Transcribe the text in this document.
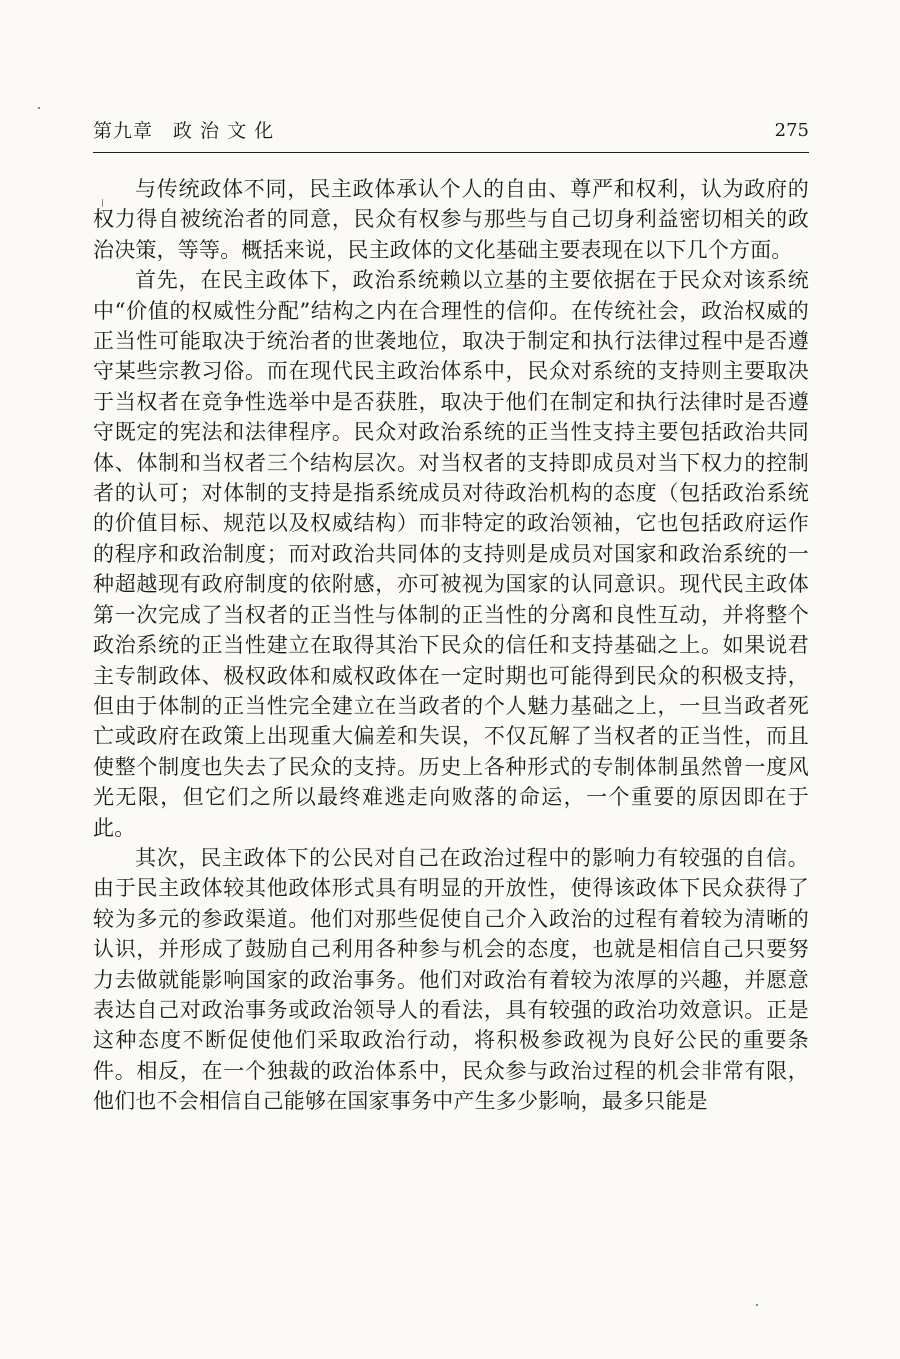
第九章　政 治 文 化	275

与传统政体不同，民主政体承认个人的自由、尊严和权利，认为政府的权力得自被统治者的同意，民众有权参与那些与自己切身利益密切相关的政治决策，等等。概括来说，民主政体的文化基础主要表现在以下几个方面。

首先，在民主政体下，政治系统赖以立基的主要依据在于民众对该系统中“价值的权威性分配”结构之内在合理性的信仰。在传统社会，政治权威的正当性可能取决于统治者的世袭地位，取决于制定和执行法律过程中是否遵守某些宗教习俗。而在现代民主政治体系中，民众对系统的支持则主要取决于当权者在竞争性选举中是否获胜，取决于他们在制定和执行法律时是否遵守既定的宪法和法律程序。民众对政治系统的正当性支持主要包括政治共同体、体制和当权者三个结构层次。对当权者的支持即成员对当下权力的控制者的认可；对体制的支持是指系统成员对待政治机构的态度（包括政治系统的价值目标、规范以及权威结构）而非特定的政治领袖，它也包括政府运作的程序和政治制度；而对政治共同体的支持则是成员对国家和政治系统的一种超越现有政府制度的依附感，亦可被视为国家的认同意识。现代民主政体第一次完成了当权者的正当性与体制的正当性的分离和良性互动，并将整个政治系统的正当性建立在取得其治下民众的信任和支持基础之上。如果说君主专制政体、极权政体和威权政体在一定时期也可能得到民众的积极支持，但由于体制的正当性完全建立在当政者的个人魅力基础之上，一旦当政者死亡或政府在政策上出现重大偏差和失误，不仅瓦解了当权者的正当性，而且使整个制度也失去了民众的支持。历史上各种形式的专制体制虽然曾一度风光无限，但它们之所以最终难逃走向败落的命运，一个重要的原因即在于此。

其次，民主政体下的公民对自己在政治过程中的影响力有较强的自信。由于民主政体较其他政体形式具有明显的开放性，使得该政体下民众获得了较为多元的参政渠道。他们对那些促使自己介入政治的过程有着较为清晰的认识，并形成了鼓励自己利用各种参与机会的态度，也就是相信自己只要努力去做就能影响国家的政治事务。他们对政治有着较为浓厚的兴趣，并愿意表达自己对政治事务或政治领导人的看法，具有较强的政治功效意识。正是这种态度不断促使他们采取政治行动，将积极参政视为良好公民的重要条件。相反，在一个独裁的政治体系中，民众参与政治过程的机会非常有限，他们也不会相信自己能够在国家事务中产生多少影响，最多只能是
